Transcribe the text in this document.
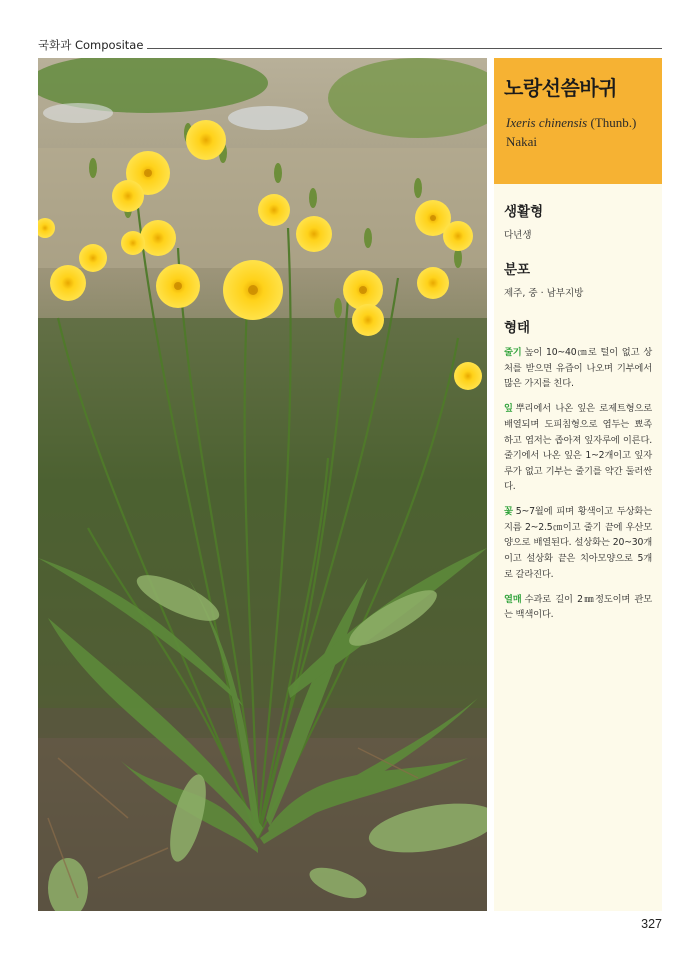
국화과 Compositae
노랑선씀바귀
Ixeris chinensis (Thunb.)
Nakai
생활형
다년생
분포
제주, 중 · 남부지방
형태

줄기 높이 10~40㎝로 털이 없고 상처를 받으면 유즙이 나오며 기부에서 많은 가지를 친다.

잎 뿌리에서 나온 잎은 로제트형으로 배열되며 도피침형으로 엽두는 뾰족하고 엽저는 좁아져 잎자루에 이른다. 줄기에서 나온 잎은 1~2개이고 잎자루가 없고 기부는 줄기를 약간 둘러싼다.

꽃 5~7월에 피며 황색이고 두상화는 지름 2~2.5㎝이고 줄기 끝에 우산모양으로 배열된다. 설상화는 20~30개이고 설상화 끝은 치아모양으로 5개로 갈라진다.

열매 수과로 길이 2㎜정도이며 관모는 백색이다.

327
